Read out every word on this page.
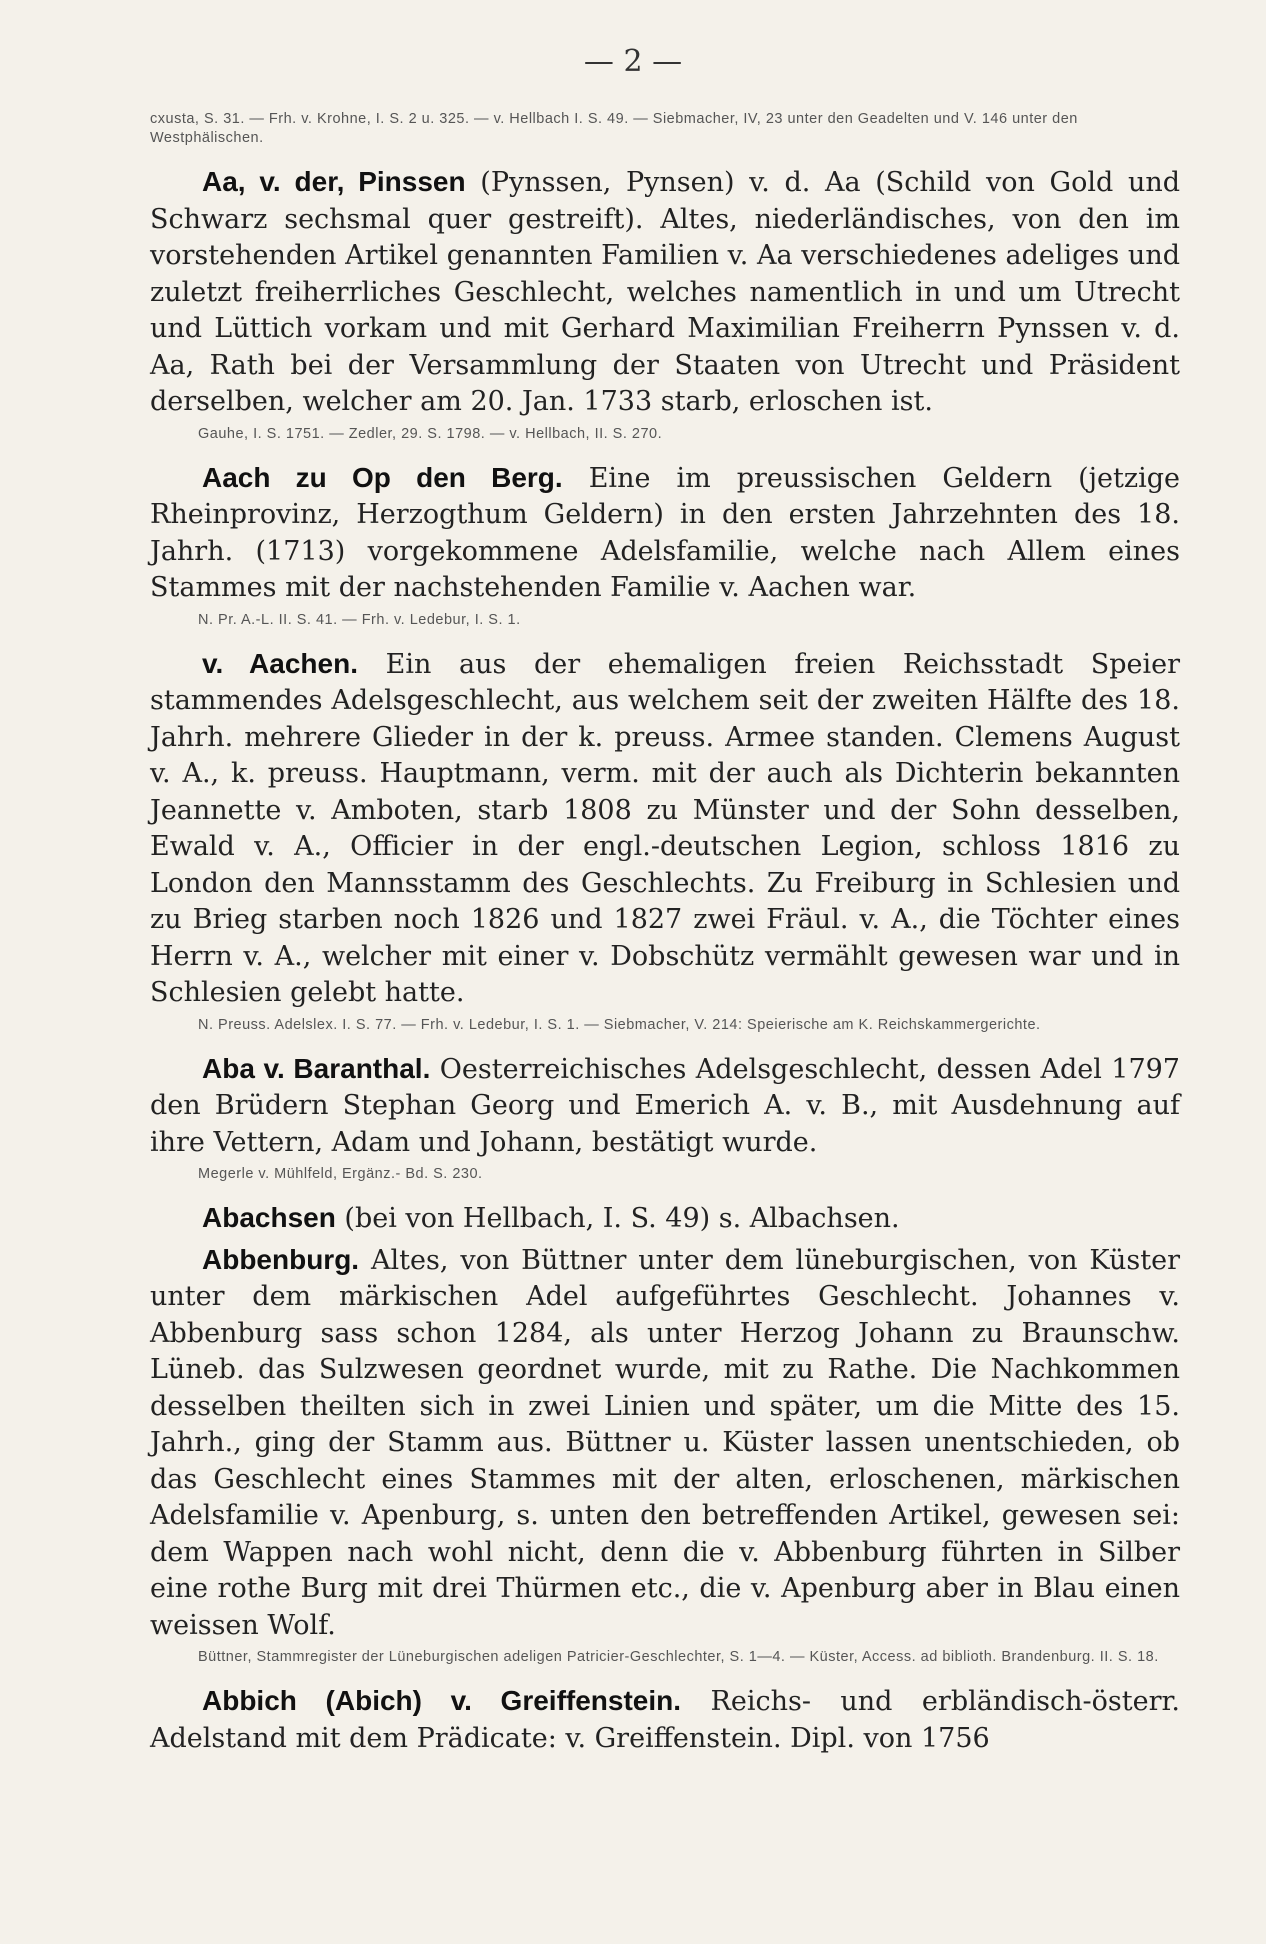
— 2 —
cxusta, S. 31. — Frh. v. Krohne, I. S. 2 u. 325. — v. Hellbach I. S. 49. — Siebmacher, IV, 23 unter den Geadelten und V. 146 unter den Westphälischen.

Aa, v. der, Pinssen (Pynssen, Pynsen) v. d. Aa (Schild von Gold und Schwarz sechsmal quer gestreift). Altes, niederländisches, von den im vorstehenden Artikel genannten Familien v. Aa verschiedenes adeliges und zuletzt freiherrliches Geschlecht, welches namentlich in und um Utrecht und Lüttich vorkam und mit Gerhard Maximilian Freiherrn Pynssen v. d. Aa, Rath bei der Versammlung der Staaten von Utrecht und Präsident derselben, welcher am 20. Jan. 1733 starb, erloschen ist.

Gauhe, I. S. 1751. — Zedler, 29. S. 1798. — v. Hellbach, II. S. 270.

Aach zu Op den Berg. Eine im preussischen Geldern (jetzige Rheinprovinz, Herzogthum Geldern) in den ersten Jahrzehnten des 18. Jahrh. (1713) vorgekommene Adelsfamilie, welche nach Allem eines Stammes mit der nachstehenden Familie v. Aachen war.

N. Pr. A.-L. II. S. 41. — Frh. v. Ledebur, I. S. 1.

v. Aachen. Ein aus der ehemaligen freien Reichsstadt Speier stammendes Adelsgeschlecht, aus welchem seit der zweiten Hälfte des 18. Jahrh. mehrere Glieder in der k. preuss. Armee standen. Clemens August v. A., k. preuss. Hauptmann, verm. mit der auch als Dichterin bekannten Jeannette v. Amboten, starb 1808 zu Münster und der Sohn desselben, Ewald v. A., Officier in der engl.-deutschen Legion, schloss 1816 zu London den Mannsstamm des Geschlechts. Zu Freiburg in Schlesien und zu Brieg starben noch 1826 und 1827 zwei Fräul. v. A., die Töchter eines Herrn v. A., welcher mit einer v. Dobschütz vermählt gewesen war und in Schlesien gelebt hatte.

N. Preuss. Adelslex. I. S. 77. — Frh. v. Ledebur, I. S. 1. — Siebmacher, V. 214: Speierische am K. Reichskammergerichte.

Aba v. Baranthal. Oesterreichisches Adelsgeschlecht, dessen Adel 1797 den Brüdern Stephan Georg und Emerich A. v. B., mit Ausdehnung auf ihre Vettern, Adam und Johann, bestätigt wurde.

Megerle v. Mühlfeld, Ergänz.- Bd. S. 230.

Abachsen (bei von Hellbach, I. S. 49) s. Albachsen.

Abbenburg. Altes, von Büttner unter dem lüneburgischen, von Küster unter dem märkischen Adel aufgeführtes Geschlecht. Johannes v. Abbenburg sass schon 1284, als unter Herzog Johann zu Braunschw. Lüneb. das Sulzwesen geordnet wurde, mit zu Rathe. Die Nachkommen desselben theilten sich in zwei Linien und später, um die Mitte des 15. Jahrh., ging der Stamm aus. Büttner u. Küster lassen unentschieden, ob das Geschlecht eines Stammes mit der alten, erloschenen, märkischen Adelsfamilie v. Apenburg, s. unten den betreffenden Artikel, gewesen sei: dem Wappen nach wohl nicht, denn die v. Abbenburg führten in Silber eine rothe Burg mit drei Thürmen etc., die v. Apenburg aber in Blau einen weissen Wolf.

Büttner, Stammregister der Lüneburgischen adeligen Patricier-Geschlechter, S. 1—4. — Küster, Access. ad biblioth. Brandenburg. II. S. 18.

Abbich (Abich) v. Greiffenstein. Reichs- und erbländisch-österr. Adelstand mit dem Prädicate: v. Greiffenstein. Dipl. von 1756
